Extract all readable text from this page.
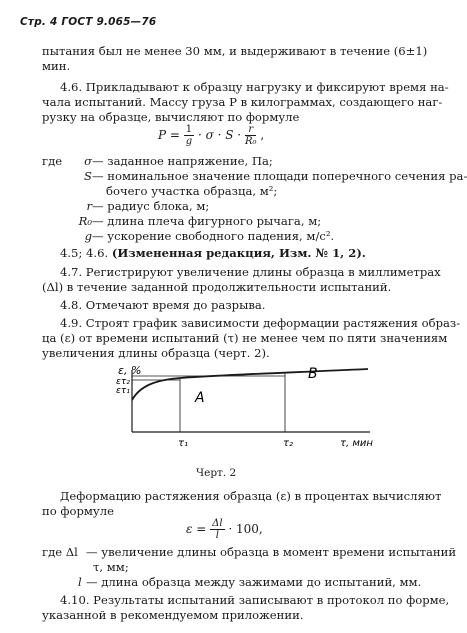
Стр. 4 ГОСТ 9.065—76
пытания был не менее 30 мм, и выдерживают в течение (6±1)
мин.
4.6. Прикладывают к образцу нагрузку и фиксируют время на-
чала испытаний. Массу груза P в килограммах, создающего наг-
рузку на образце, вычисляют по формуле
$P = \frac{1}{g} \cdot \sigma \cdot S \cdot \frac{r}{\text{R₀}}$ ,
где	σ— заданное напряжение, Па;
S— номинальное значение площади поперечного сечения ра-
бочего участка образца, м²;
r— радиус блока, м;
R₀— длина плеча фигурного рычага, м;
g— ускорение свободного падения, м/с².
4.5; 4.6. (Измененная редакция, Изм. № 1, 2).
4.7. Регистрируют увеличение длины образца в миллиметрах
(Δl) в течение заданной продолжительности испытаний.
4.8. Отмечают время до разрыва.
4.9. Строят график зависимости деформации растяжения образ-
ца (ε) от времени испытаний (τ) не менее чем по пяти значениям
увеличения длины образца (черт. 2).
ε, %
ετ₂
ετ₁	A
B
τ₁	τ₂	τ, мин
Черт. 2
Деформацию растяжения образца (ε) в процентах вычисляют
по формуле
$\varepsilon = \frac{\Delta l}{l} \cdot 100$,
где Δl — увеличение длины образца в момент времени испытаний
τ, мм;
l — длина образца между зажимами до испытаний, мм.
4.10. Результаты испытаний записывают в протокол по форме,
указанной в рекомендуемом приложении.
